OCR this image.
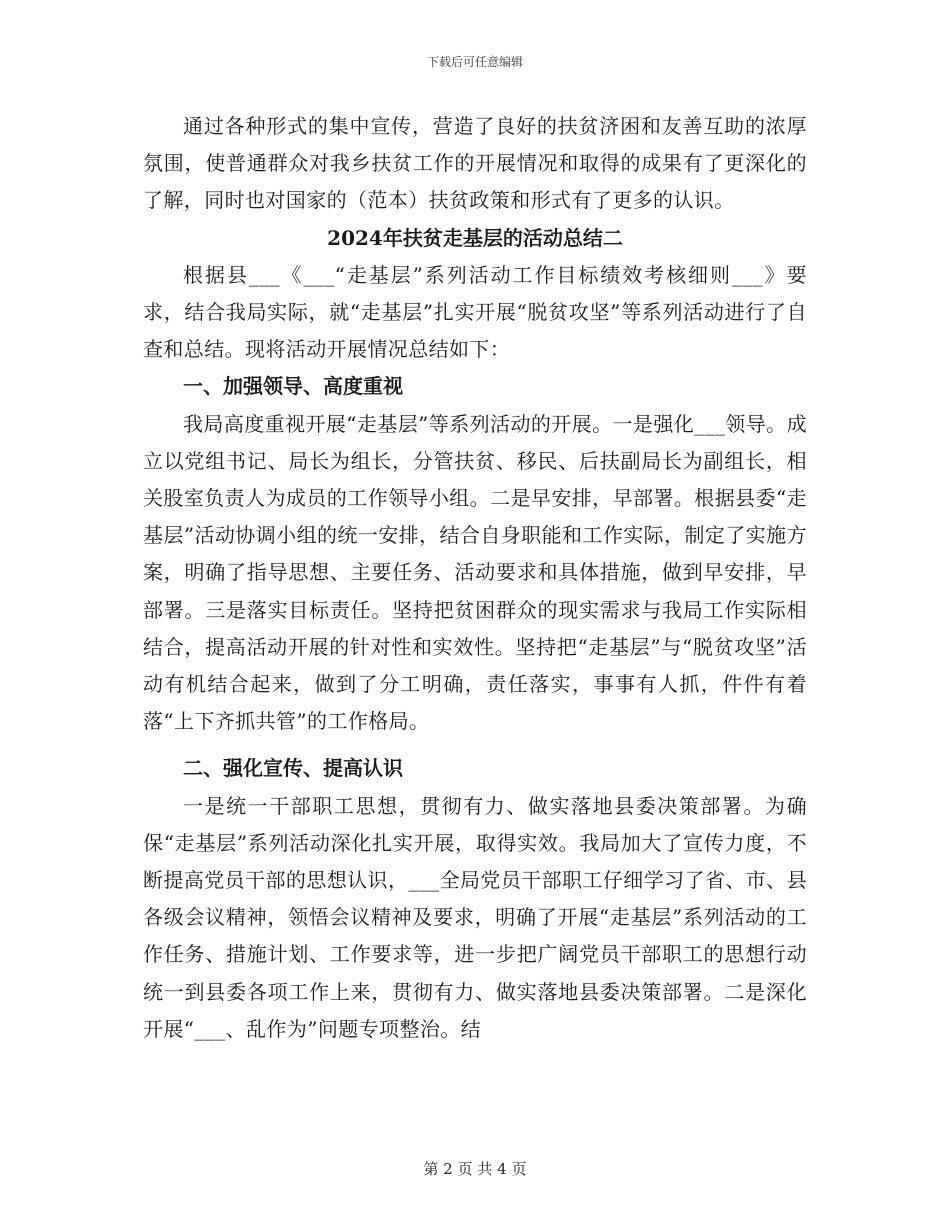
下载后可任意编辑

通过各种形式的集中宣传，营造了良好的扶贫济困和友善互助的浓厚氛围，使普通群众对我乡扶贫工作的开展情况和取得的成果有了更深化的了解，同时也对国家的（范本）扶贫政策和形式有了更多的认识。

2024年扶贫走基层的活动总结二

根据县___《___“走基层”系列活动工作目标绩效考核细则___》要求，结合我局实际，就“走基层”扎实开展“脱贫攻坚”等系列活动进行了自查和总结。现将活动开展情况总结如下：

一、加强领导、高度重视

我局高度重视开展“走基层”等系列活动的开展。一是强化___领导。成立以党组书记、局长为组长，分管扶贫、移民、后扶副局长为副组长，相关股室负责人为成员的工作领导小组。二是早安排，早部署。根据县委“走基层”活动协调小组的统一安排，结合自身职能和工作实际，制定了实施方案，明确了指导思想、主要任务、活动要求和具体措施，做到早安排，早部署。三是落实目标责任。坚持把贫困群众的现实需求与我局工作实际相结合，提高活动开展的针对性和实效性。坚持把“走基层”与“脱贫攻坚”活动有机结合起来，做到了分工明确，责任落实，事事有人抓，件件有着落“上下齐抓共管”的工作格局。

二、强化宣传、提高认识

一是统一干部职工思想，贯彻有力、做实落地县委决策部署。为确保“走基层”系列活动深化扎实开展，取得实效。我局加大了宣传力度，不断提高党员干部的思想认识，___全局党员干部职工仔细学习了省、市、县各级会议精神，领悟会议精神及要求，明确了开展“走基层”系列活动的工作任务、措施计划、工作要求等，进一步把广阔党员干部职工的思想行动统一到县委各项工作上来，贯彻有力、做实落地县委决策部署。二是深化开展“___、乱作为”问题专项整治。结

第 2 页 共 4 页
